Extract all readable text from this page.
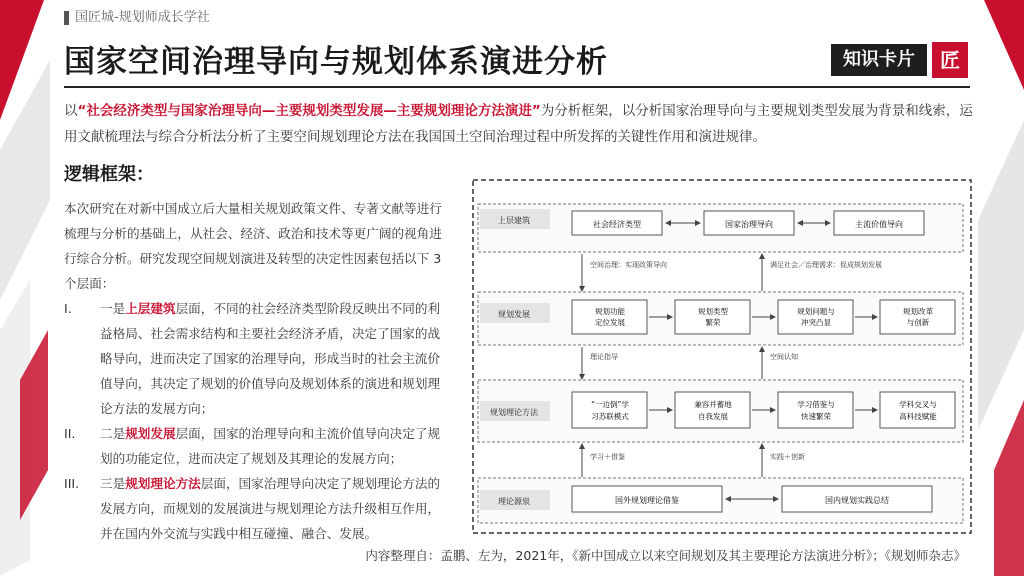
国匠城-规划师成长学社
国家空间治理导向与规划体系演进分析	知识卡片	匠
以“社会经济类型与国家治理导向—主要规划类型发展—主要规划理论方法演进”为分析框架，以分析国家治理导向与主要规划类型发展为背景和线索，运用文献梳理法与综合分析法分析了主要空间规划理论方法在我国国土空间治理过程中所发挥的关键性作用和演进规律。
逻辑框架：

本次研究在对新中国成立后大量相关规划政策文件、专著文献等进行梳理与分析的基础上，从社会、经济、政治和技术等更广阔的视角进行综合分析。研究发现空间规划演进及转型的决定性因素包括以下 3 个层面：

I. 一是上层建筑层面，不同的社会经济类型阶段反映出不同的利益格局、社会需求结构和主要社会经济矛盾，决定了国家的战略导向，进而决定了国家的治理导向，形成当时的社会主流价值导向，其决定了规划的价值导向及规划体系的演进和规划理论方法的发展方向；
II. 二是规划发展层面，国家的治理导向和主流价值导向决定了规划的功能定位，进而决定了规划及其理论的发展方向；
III. 三是规划理论方法层面，国家治理导向决定了规划理论方法的发展方向，而规划的发展演进与规划理论方法升级相互作用，并在国内外交流与实践中相互碰撞、融合、发展。
上层建筑	社会经济类型	国家治理导向	主流价值导向
空间治理：实现政策导向	满足社会／治理需求：促成规划发展
规划发展	规划功能
定位发展
规划类型
繁荣
规划问题与
冲突凸显
规划改革
与创新
理论指导	空间认知
规划理论方法
“一边倒”学
习苏联模式
兼容并蓄地
自我发展
学习借鉴与
快速繁荣
学科交叉与
高科技赋能
学习＋借鉴	实践＋创新
理论源泉	国外规划理论借鉴	国内规划实践总结
内容整理自：孟鹏、左为，2021年，《新中国成立以来空间规划及其主要理论方法演进分析》；《规划师杂志》
